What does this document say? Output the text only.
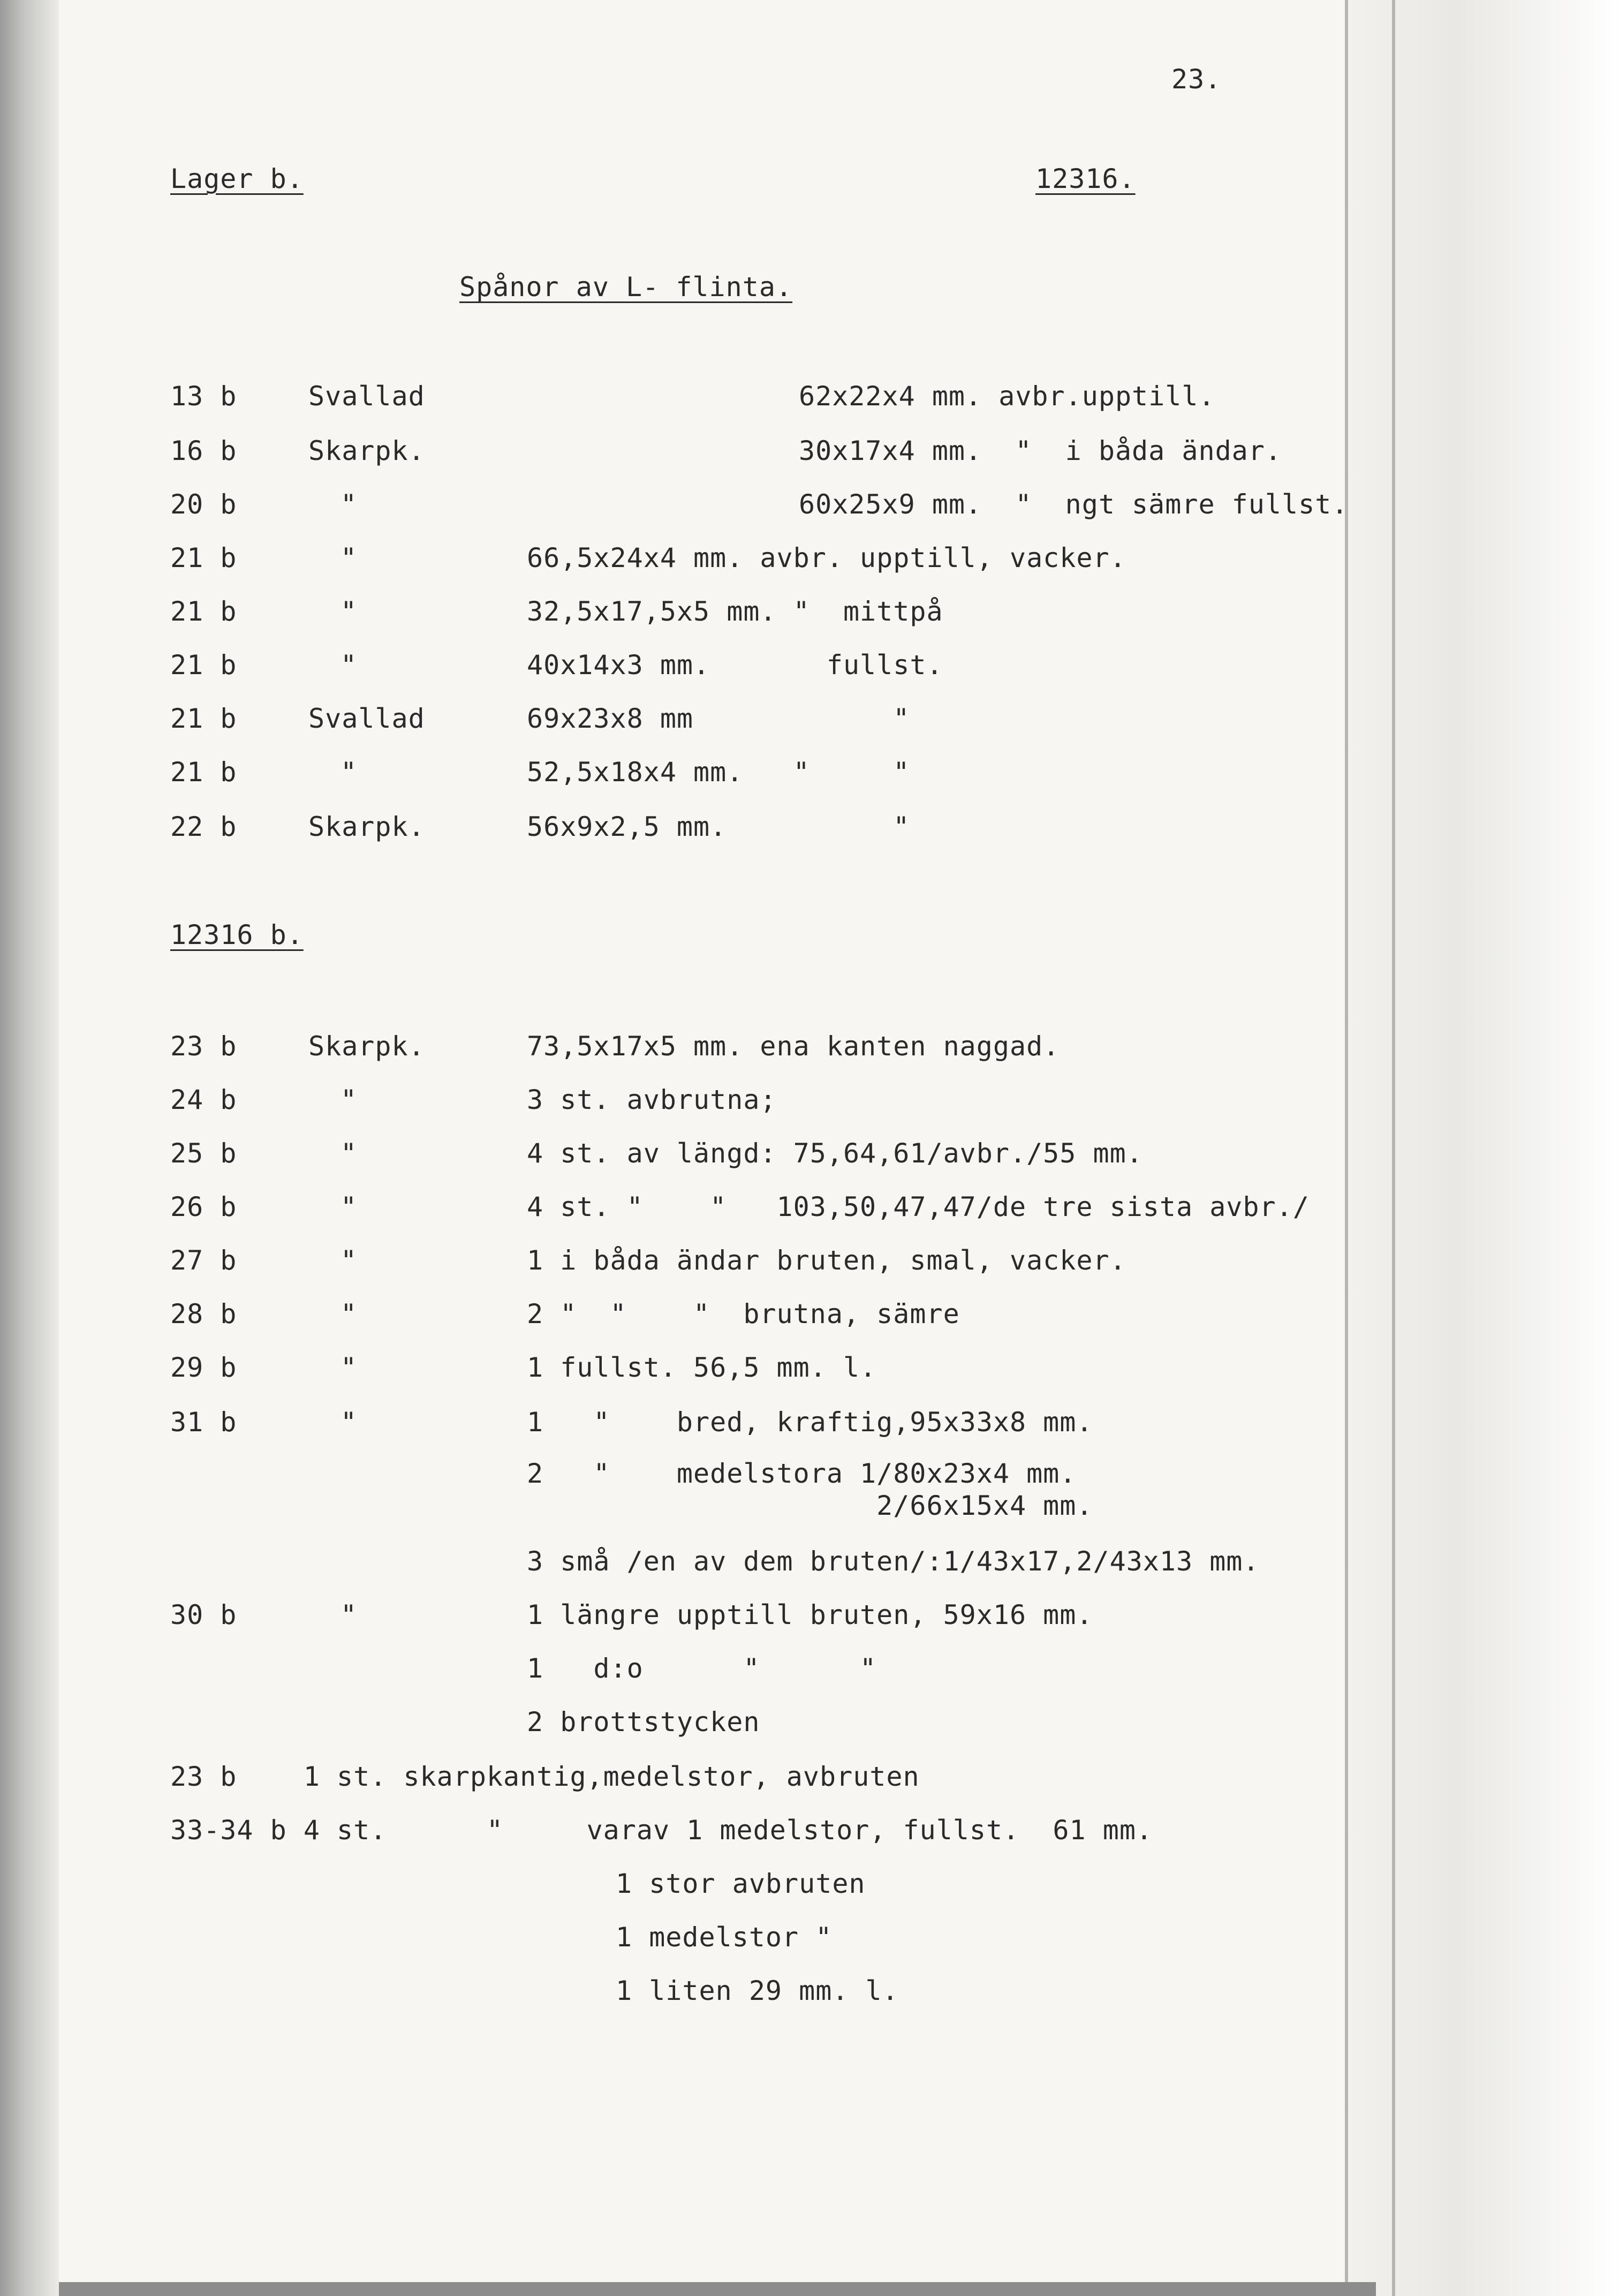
23.
Lager b.	12316.
Spånor av L- flinta.
13 b	Svallad	62x22x4 mm. avbr.upptill.
16 b	Skarpk.	30x17x4 mm.  "  i båda ändar.
20 b	"	60x25x9 mm.  "  ngt sämre fullst.
21 b	"	66,5x24x4 mm. avbr. upptill, vacker.
21 b	"	32,5x17,5x5 mm. "  mittpå
21 b	"	40x14x3 mm.       fullst.
21 b	Svallad	69x23x8 mm            "
21 b	"	52,5x18x4 mm.   "     "
22 b	Skarpk.	56x9x2,5 mm.          "
12316 b.
23 b	Skarpk.	73,5x17x5 mm. ena kanten naggad.
24 b	"	3 st. avbrutna;
25 b	"	4 st. av längd: 75,64,61/avbr./55 mm.
26 b	"	4 st. "    "   103,50,47,47/de tre sista avbr./
27 b	"	1 i båda ändar bruten, smal, vacker.
28 b	"	2 "  "    "  brutna, sämre
29 b	"	1 fullst. 56,5 mm. l.
31 b	"	1   "    bred, kraftig,95x33x8 mm.
2   "    medelstora 1/80x23x4 mm.
2/66x15x4 mm.
3 små /en av dem bruten/:1/43x17,2/43x13 mm.
30 b	"	1 längre upptill bruten, 59x16 mm.
1   d:o      "      "
2 brottstycken
23 b    1 st. skarpkantig,medelstor, avbruten
33-34 b 4 st.      "     varav 1 medelstor, fullst.  61 mm.
1 stor avbruten
1 medelstor "
1 liten 29 mm. l.
